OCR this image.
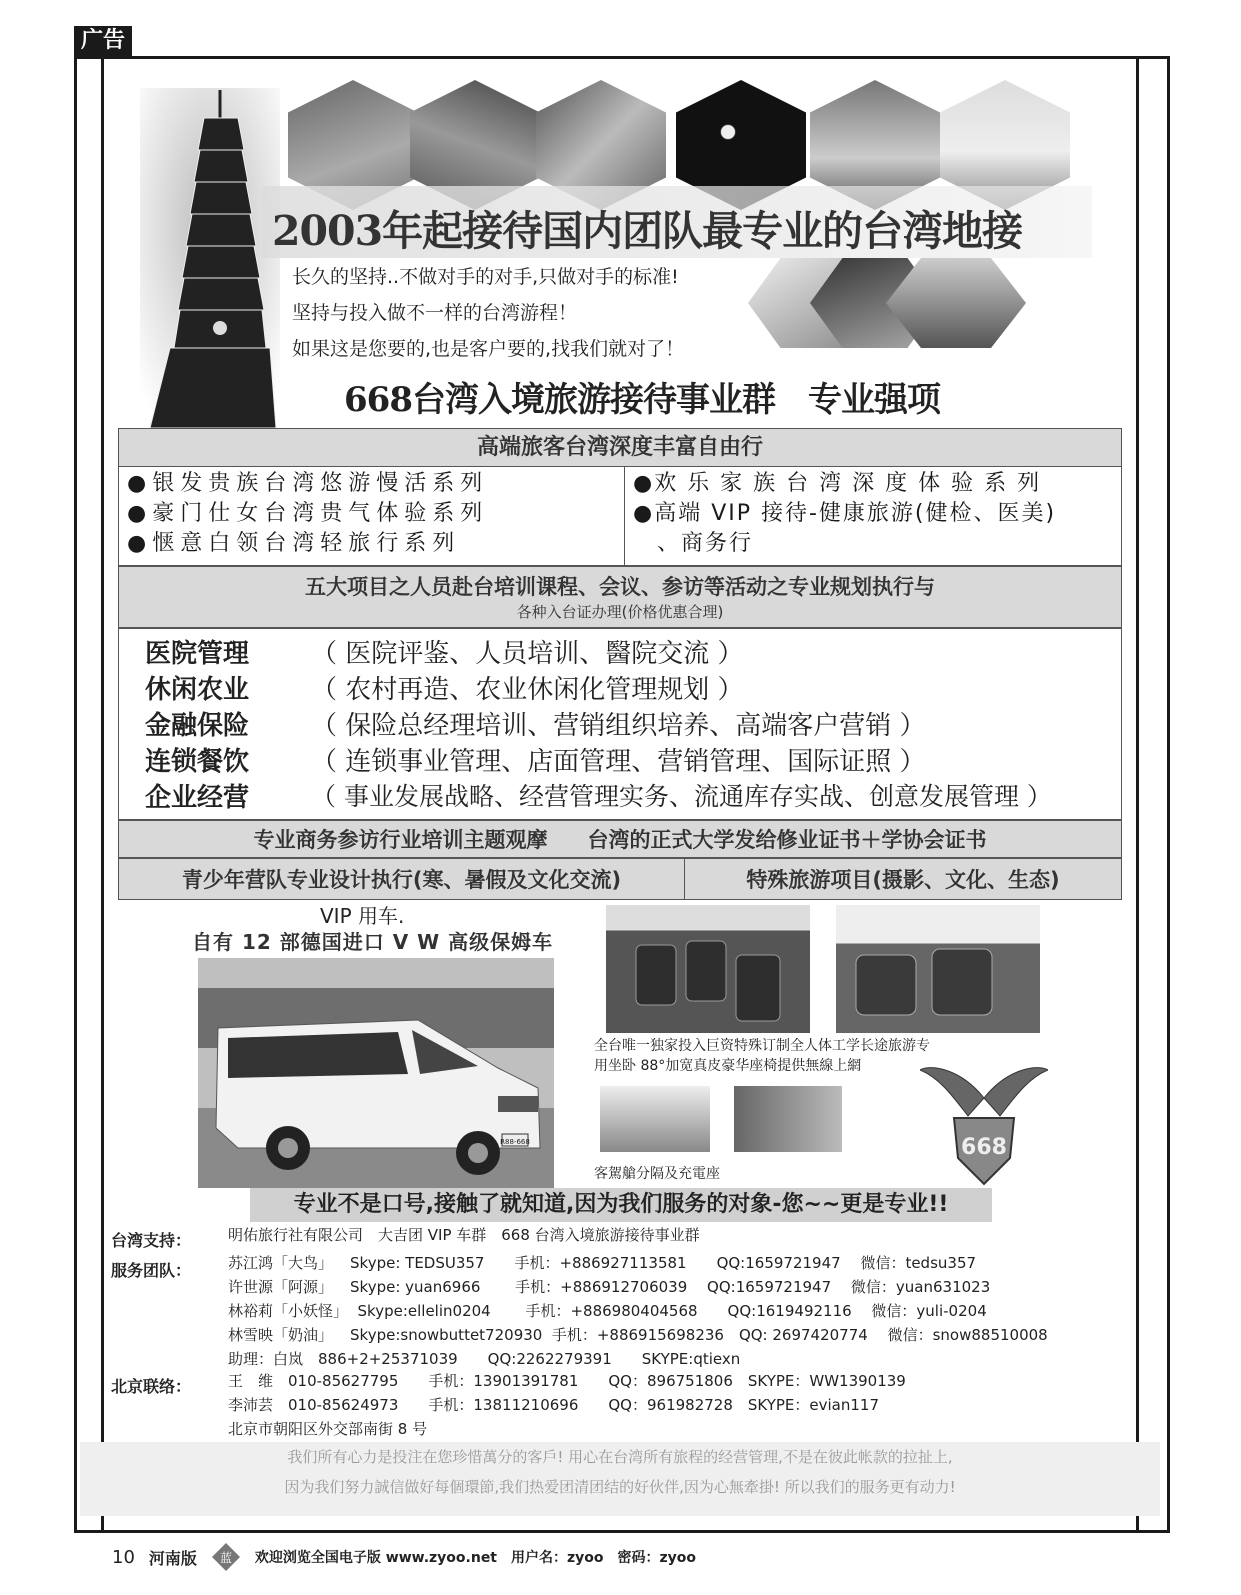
广告
2003年起接待国内团队最专业的台湾地接
长久的坚持..不做对手的对手,只做对手的标准!
坚持与投入做不一样的台湾游程！
如果这是您要的,也是客户要的,找我们就对了！
668台湾入境旅游接待事业群　专业强项
高端旅客台湾深度丰富自由行
●银发贵族台湾悠游慢活系列
●豪门仕女台湾贵气体验系列
●惬意白领台湾轻旅行系列
●欢 乐 家 族 台 湾 深 度 体 验 系 列
●高端 VIP 接待-健康旅游(健检、医美)
　、商务行
五大项目之人员赴台培训课程、会议、参访等活动之专业规划执行与
各种入台证办理(价格优惠合理)
医院管理	（ 医院评鉴、人员培训、醫院交流 ）
休闲农业	（ 农村再造、农业休闲化管理规划 ）
金融保险	（ 保险总经理培训、营销组织培养、高端客户营销 ）
连锁餐饮	（ 连锁事业管理、店面管理、营销管理、国际证照 ）
企业经营	（ 事业发展战略、经营管理实务、流通库存实战、创意发展管理 ）
专业商务参访行业培训主题观摩 台湾的正式大学发给修业证书＋学协会证书
青少年营队专业设计执行(寒、暑假及文化交流)	特殊旅游项目(摄影、文化、生态)
VIP 用车.
自有 12 部德国进口 V W 高级保姆车
R88-668
全台唯一独家投入巨资特殊订制全人体工学长途旅游专
用坐卧 88°加宽真皮豪华座椅提供無線上網
客駕艙分隔及充電座
668
专业不是口号,接触了就知道,因为我们服务的对象-您~~更是专业!!
台湾支持： 明佑旅行社有限公司　大吉团 VIP 车群　668 台湾入境旅游接待事业群
服务团队： 苏江鸿「大鸟」　  Skype: TEDSU357　　手机：+886927113581　　QQ:1659721947　 微信：tedsu357
许世源「阿源」　  Skype: yuan6966　　 手机：+886912706039　 QQ:1659721947　 微信：yuan631023
林裕莉「小妖怪」  Skype:ellelin0204　　 手机：+886980404568　　QQ:1619492116　 微信：yuli-0204
林雪映「奶油」　  Skype:snowbuttet720930  手机：+886915698236　QQ: 2697420774　 微信：snow88510008
助理：白岚　886+2+25371039　　QQ:2262279391　　SKYPE:qtiexn
北京联络： 王　维　010-85627795　　手机：13901391781　　QQ：896751806　SKYPE：WW1390139
李沛芸　010-85624973　　手机：13811210696　　QQ：961982728　SKYPE：evian117
北京市朝阳区外交部南街 8 号
我们所有心力是投注在您珍惜萬分的客戶! 用心在台湾所有旅程的经营管理,不是在彼此帐款的拉扯上,
因为我们努力誠信做好每個環節,我们热爱团清团结的好伙伴,因为心無牽掛! 所以我们的服务更有动力!
10 河南版 蓝 欢迎浏览全国电子版 www.zyoo.net 用户名：zyoo 密码：zyoo
